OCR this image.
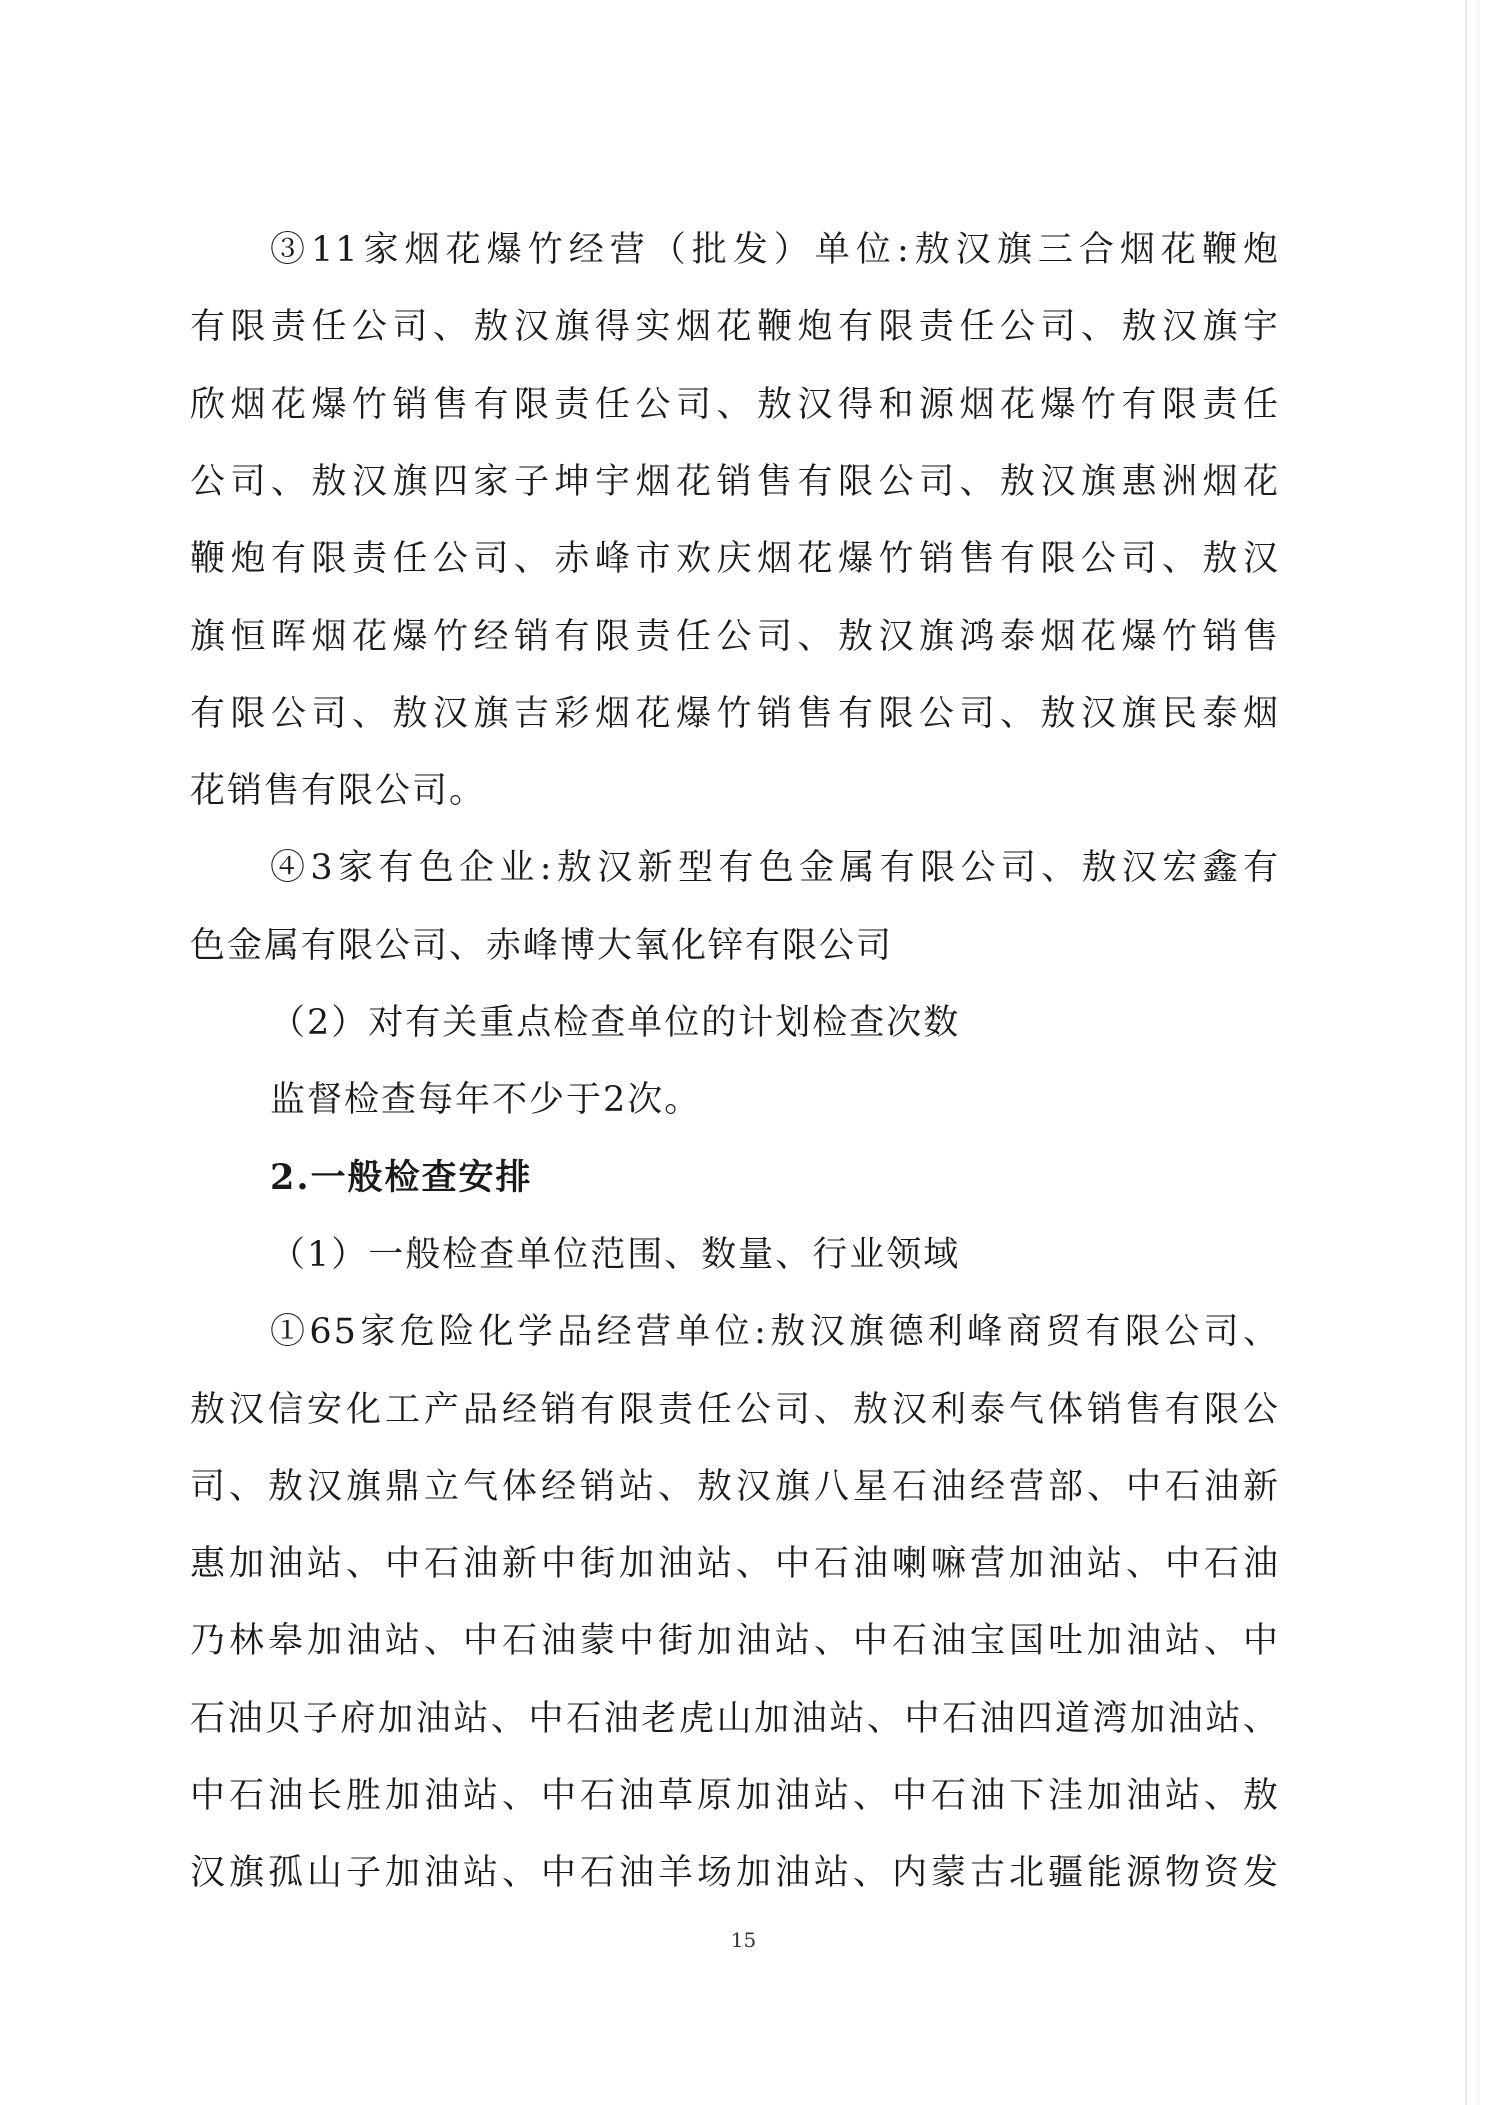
③11家烟花爆竹经营（批发）单位:敖汉旗三合烟花鞭炮
有限责任公司、敖汉旗得实烟花鞭炮有限责任公司、敖汉旗宇
欣烟花爆竹销售有限责任公司、敖汉得和源烟花爆竹有限责任
公司、敖汉旗四家子坤宇烟花销售有限公司、敖汉旗惠洲烟花
鞭炮有限责任公司、赤峰市欢庆烟花爆竹销售有限公司、敖汉
旗恒晖烟花爆竹经销有限责任公司、敖汉旗鸿泰烟花爆竹销售
有限公司、敖汉旗吉彩烟花爆竹销售有限公司、敖汉旗民泰烟
花销售有限公司。
④3家有色企业:敖汉新型有色金属有限公司、敖汉宏鑫有
色金属有限公司、赤峰博大氧化锌有限公司
（2）对有关重点检查单位的计划检查次数
监督检查每年不少于2次。
2.一般检查安排
（1）一般检查单位范围、数量、行业领域
①65家危险化学品经营单位:敖汉旗德利峰商贸有限公司、
敖汉信安化工产品经销有限责任公司、敖汉利泰气体销售有限公
司、敖汉旗鼎立气体经销站、敖汉旗八星石油经营部、中石油新
惠加油站、中石油新中街加油站、中石油喇嘛营加油站、中石油
乃林皋加油站、中石油蒙中街加油站、中石油宝国吐加油站、中
石油贝子府加油站、中石油老虎山加油站、中石油四道湾加油站、
中石油长胜加油站、中石油草原加油站、中石油下洼加油站、敖
汉旗孤山子加油站、中石油羊场加油站、内蒙古北疆能源物资发
15
